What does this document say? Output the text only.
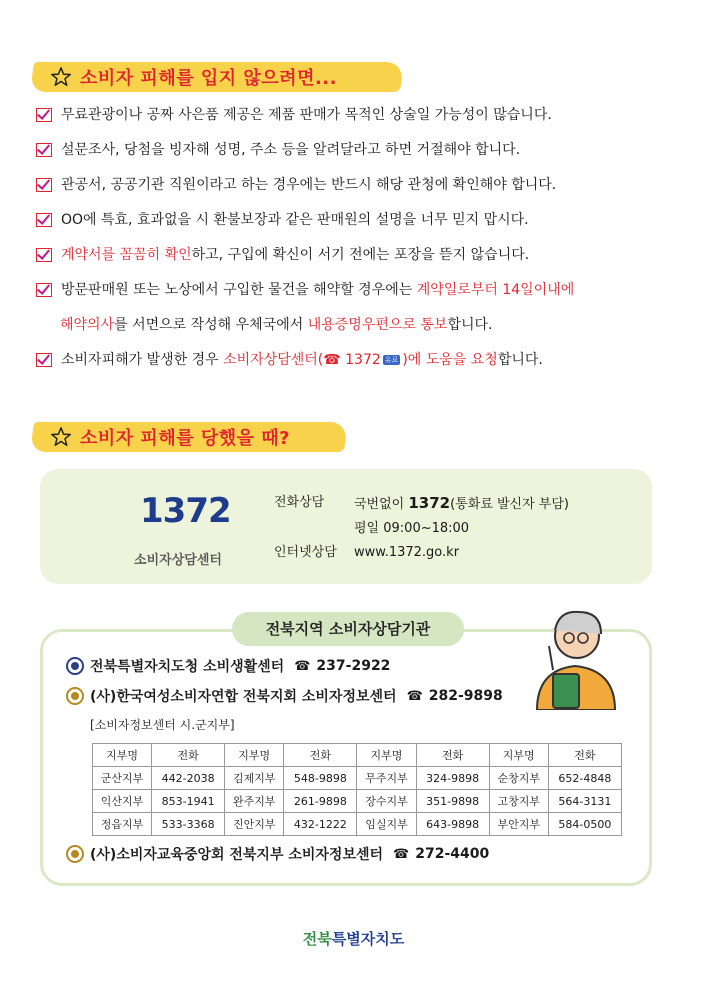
소비자 피해를 입지 않으려면...
무료관광이나 공짜 사은품 제공은 제품 판매가 목적인 상술일 가능성이 많습니다.
설문조사, 당첨을 빙자해 성명, 주소 등을 알려달라고 하면 거절해야 합니다.
관공서, 공공기관 직원이라고 하는 경우에는 반드시 해당 관청에 확인해야 합니다.
OO에 특효, 효과없을 시 환불보장과 같은 판매원의 설명을 너무 믿지 맙시다.
계약서를 꼼꼼히 확인하고, 구입에 확신이 서기 전에는 포장을 뜯지 않습니다.
방문판매원 또는 노상에서 구입한 물건을 해약할 경우에는 계약일로부터 14일이내에
해약의사를 서면으로 작성해 우체국에서 내용증명우편으로 통보합니다.
소비자피해가 발생한 경우 소비자상담센터(☎ 1372 유료 )에 도움을 요청합니다.
소비자 피해를 당했을 때?
1372
소비자상담센터
전화상담	국번없이 1372(통화료 발신자 부담)
평일 09:00~18:00
인터넷상담	www.1372.go.kr
전북지역 소비자상담기관
전북특별자치도청 소비생활센터 ☎ 237-2922
(사)한국여성소비자연합 전북지회 소비자정보센터 ☎ 282-9898
[소비자정보센터 시.군지부]
지부명	전화	지부명	전화	지부명	전화	지부명	전화
군산지부	442-2038	김제지부	548-9898	무주지부	324-9898	순창지부	652-4848
익산지부	853-1941	완주지부	261-9898	장수지부	351-9898	고창지부	564-3131
정읍지부	533-3368	진안지부	432-1222	임실지부	643-9898	부안지부	584-0500
(사)소비자교육중앙회 전북지부 소비자정보센터 ☎ 272-4400
전북특별자치도
